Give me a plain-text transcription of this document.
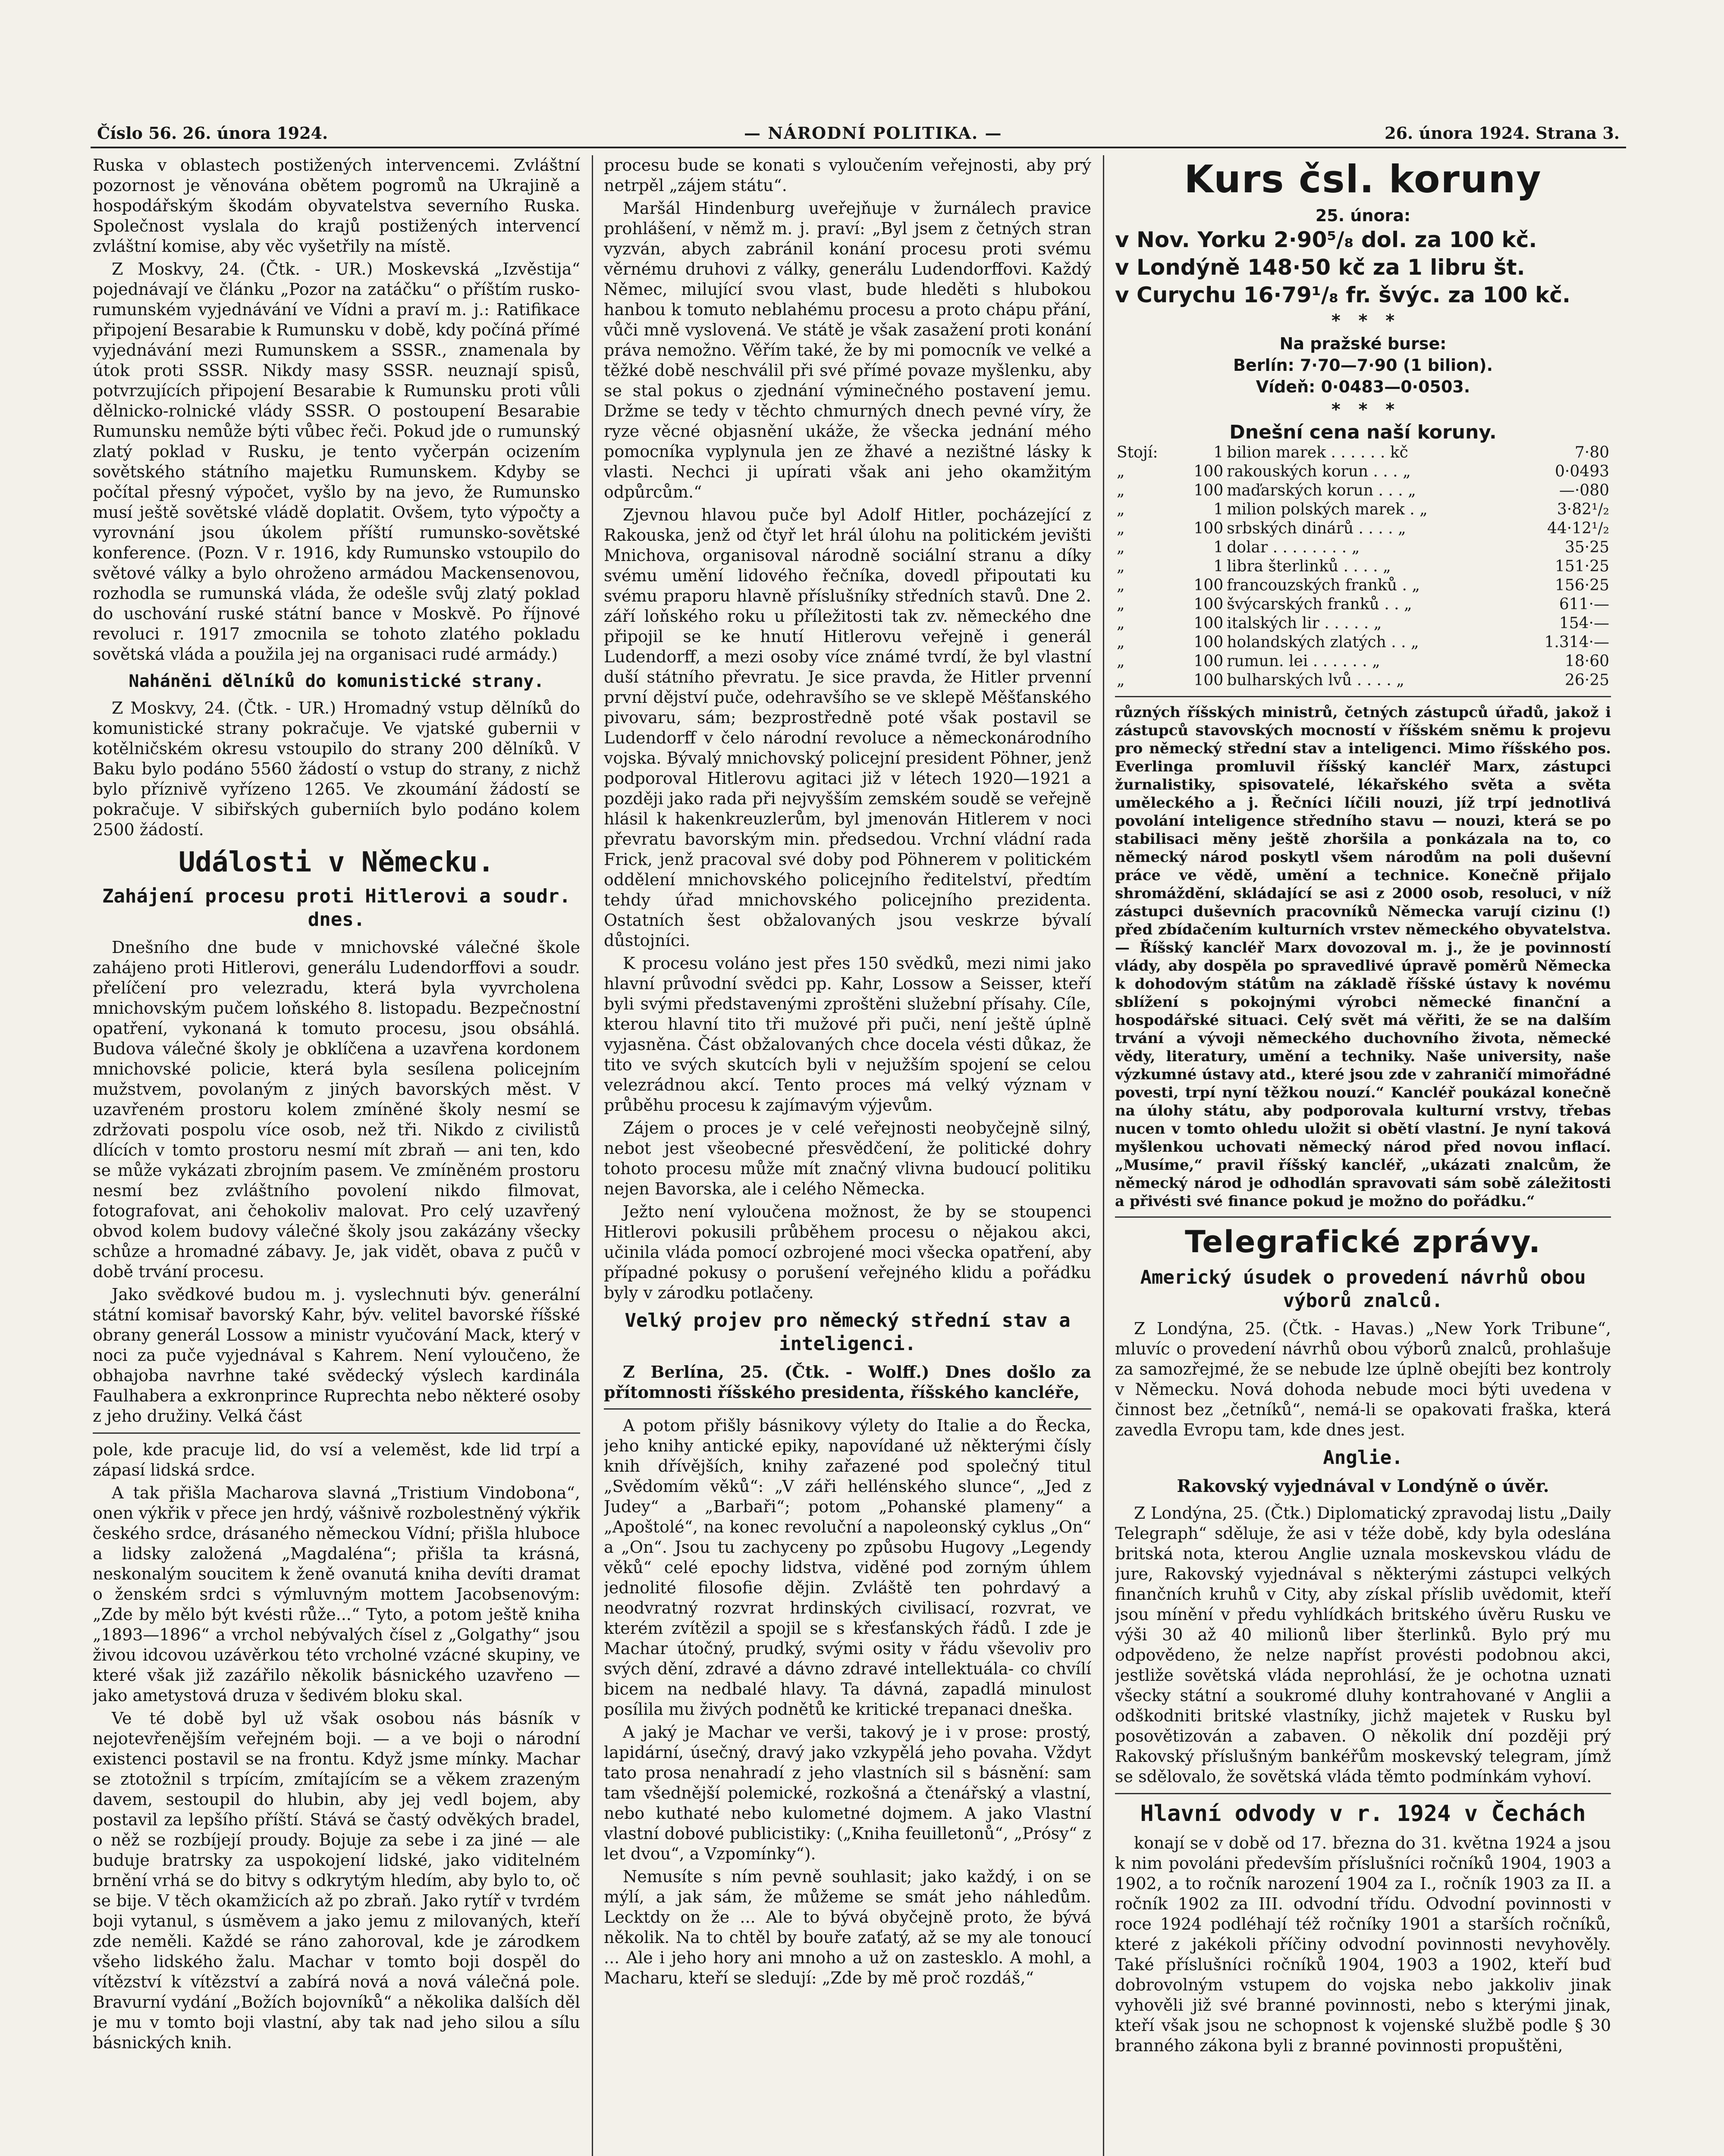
Číslo 56. 26. února 1924.	— NÁRODNÍ POLITIKA. —	26. února 1924. Strana 3.

Ruska v oblastech postižených intervencemi. Zvláštní pozornost je věnována obětem pogromů na Ukrajině a hospodářským škodám obyvatelstva severního Ruska. Společnost vyslala do krajů postižených intervencí zvláštní komise, aby věc vyšetřily na místě.

Z Moskvy, 24. (Čtk. - UR.) Moskevská „Izvěstija“ pojednávají ve článku „Pozor na zatáčku“ o příštím rusko-rumunském vyjednávání ve Vídni a praví m. j.: Ratifikace připojení Besarabie k Rumunsku v době, kdy počíná přímé vyjednávání mezi Rumunskem a SSSR., znamenala by útok proti SSSR. Nikdy masy SSSR. neuznají spisů, potvrzujících připojení Besarabie k Rumunsku proti vůli dělnicko-rolnické vlády SSSR. O postoupení Besarabie Rumunsku nemůže býti vůbec řeči. Pokud jde o rumunský zlatý poklad v Rusku, je tento vyčerpán ocizením sovětského státního majetku Rumunskem. Kdyby se počítal přesný výpočet, vyšlo by na jevo, že Rumunsko musí ještě sovětské vládě doplatit. Ovšem, tyto výpočty a vyrovnání jsou úkolem příští rumunsko-sovětské konference. (Pozn. V r. 1916, kdy Rumunsko vstoupilo do světové války a bylo ohroženo armádou Mackensenovou, rozhodla se rumunská vláda, že odešle svůj zlatý poklad do uschování ruské státní bance v Moskvě. Po říjnové revoluci r. 1917 zmocnila se tohoto zlatého pokladu sovětská vláda a použila jej na organisaci rudé armády.)

Naháněni dělníků do komunistické strany.

Z Moskvy, 24. (Čtk. - UR.) Hromadný vstup dělníků do komunistické strany pokračuje. Ve vjatské gubernii v kotělničském okresu vstoupilo do strany 200 dělníků. V Baku bylo podáno 5560 žádostí o vstup do strany, z nichž bylo příznivě vyřízeno 1265. Ve zkoumání žádostí se pokračuje. V sibiřských guberniích bylo podáno kolem 2500 žádostí.

Události v Německu.
Zahájení procesu proti Hitlerovi a soudr. dnes.

Dnešního dne bude v mnichovské válečné škole zahájeno proti Hitlerovi, generálu Ludendorffovi a soudr. přelíčení pro velezradu, která byla vyvrcholena mnichovským pučem loňského 8. listopadu. Bezpečnostní opatření, vykonaná k tomuto procesu, jsou obsáhlá. Budova válečné školy je obklíčena a uzavřena kordonem mnichovské policie, která byla sesílena policejním mužstvem, povolaným z jiných bavorských měst. V uzavřeném prostoru kolem zmíněné školy nesmí se zdržovati pospolu více osob, než tři. Nikdo z civilistů dlících v tomto prostoru nesmí mít zbraň — ani ten, kdo se může vykázati zbrojním pasem. Ve zmíněném prostoru nesmí bez zvláštního povolení nikdo filmovat, fotografovat, ani čehokoliv malovat. Pro celý uzavřený obvod kolem budovy válečné školy jsou zakázány všecky schůze a hromadné zábavy. Je, jak vidět, obava z pučů v době trvání procesu.

Jako svědkové budou m. j. vyslechnuti býv. generální státní komisař bavorský Kahr, býv. velitel bavorské říšské obrany generál Lossow a ministr vyučování Mack, který v noci za puče vyjednával s Kahrem. Není vyloučeno, že obhajoba navrhne také svědecký výslech kardinála Faulhabera a exkronprince Ruprechta nebo některé osoby z jeho družiny. Velká část

pole, kde pracuje lid, do vsí a veleměst, kde lid trpí a zápasí lidská srdce.

A tak přišla Macharova slavná „Tristium Vindobona“, onen výkřik v přece jen hrdý, vášnivě rozbolestněný výkřik českého srdce, drásaného německou Vídní; přišla hluboce a lidsky založená „Magdaléna“; přišla ta krásná, neskonalým soucitem k ženě ovanutá kniha devíti dramat o ženském srdci s výmluvným mottem Jacobsenovým: „Zde by mělo být kvésti růže...“ Tyto, a potom ještě kniha „1893—1896“ a vrchol nebývalých čísel z „Golgathy“ jsou živou idcovou uzávěrkou této vrcholné vzácné skupiny, ve které však již zazářilo několik básnického uzavřeno — jako ametystová druza v šedivém bloku skal.

Ve té době byl už však osobou nás básník v nejotevřenějším veřejném boji. — a ve boji o národní existenci postavil se na frontu. Když jsme mínky. Machar se ztotožnil s trpícím, zmítajícím se a věkem zrazeným davem, sestoupil do hlubin, aby jej vedl bojem, aby postavil za lepšího příští. Stává se častý odvěkých bradel, o něž se rozbíjejí proudy. Bojuje za sebe i za jiné — ale buduje bratrsky za uspokojení lidské, jako viditelném brnění vrhá se do bitvy s odkrytým hledím, aby bylo to, oč se bije. V těch okamžicích až po zbraň. Jako rytíř v tvrdém boji vytanul, s úsměvem a jako jemu z milovaných, kteří zde neměli. Každé se ráno zahoroval, kde je zárodkem všeho lidského žalu. Machar v tomto boji dospěl do vítězství k vítězství a zabírá nová a nová válečná pole. Bravurní vydání „Božích bojovníků“ a několika dalších děl je mu v tomto boji vlastní, aby tak nad jeho silou a sílu básnických knih.

procesu bude se konati s vyloučením veřejnosti, aby prý netrpěl „zájem státu“.

Maršál Hindenburg uveřejňuje v žurnálech pravice prohlášení, v němž m. j. praví: „Byl jsem z četných stran vyzván, abych zabránil konání procesu proti svému věrnému druhovi z války, generálu Ludendorffovi. Každý Němec, milující svou vlast, bude hleděti s hlubokou hanbou k tomuto neblahému procesu a proto chápu přání, vůči mně vyslovená. Ve státě je však zasažení proti konání práva nemožno. Věřím také, že by mi pomocník ve velké a těžké době neschválil při své přímé povaze myšlenku, aby se stal pokus o zjednání výminečného postavení jemu. Držme se tedy v těchto chmurných dnech pevné víry, že ryze věcné objasnění ukáže, že všecka jednání mého pomocníka vyplynula jen ze žhavé a nezištné lásky k vlasti. Nechci ji upírati však ani jeho okamžitým odpůrcům.“

Zjevnou hlavou puče byl Adolf Hitler, pocházející z Rakouska, jenž od čtyř let hrál úlohu na politickém jevišti Mnichova, organisoval národně sociální stranu a díky svému umění lidového řečníka, dovedl připoutati ku svému praporu hlavně příslušníky středních stavů. Dne 2. září loňského roku u příležitosti tak zv. německého dne připojil se ke hnutí Hitlerovu veřejně i generál Ludendorff, a mezi osoby více známé tvrdí, že byl vlastní duší státního převratu. Je sice pravda, že Hitler prvenní první dějství puče, odehravšího se ve sklepě Měšťanského pivovaru, sám; bezprostředně poté však postavil se Ludendorff v čelo národní revoluce a německonárodního vojska. Bývalý mnichovský policejní president Pöhner, jenž podporoval Hitlerovu agitaci již v létech 1920—1921 a později jako rada při nejvyšším zemském soudě se veřejně hlásil k hakenkreuzlerům, byl jmenován Hitlerem v noci převratu bavorským min. předsedou. Vrchní vládní rada Frick, jenž pracoval své doby pod Pöhnerem v politickém oddělení mnichovského policejního ředitelství, předtím tehdy úřad mnichovského policejního prezidenta. Ostatních šest obžalovaných jsou veskrze bývalí důstojníci.

K procesu voláno jest přes 150 svědků, mezi nimi jako hlavní průvodní svědci pp. Kahr, Lossow a Seisser, kteří byli svými představenými zproštěni služební přísahy. Cíle, kterou hlavní tito tři mužové při puči, není ještě úplně vyjasněna. Část obžalovaných chce docela vésti důkaz, že tito ve svých skutcích byli v nejužším spojení se celou velezrádnou akcí. Tento proces má velký význam v průběhu procesu k zajímavým výjevům.

Zájem o proces je v celé veřejnosti neobyčejně silný, nebot jest všeobecné přesvědčení, že politické dohry tohoto procesu může mít značný vlivna budoucí politiku nejen Bavorska, ale i celého Německa.

Ježto není vyloučena možnost, že by se stoupenci Hitlerovi pokusili průběhem procesu o nějakou akci, učinila vláda pomocí ozbrojené moci všecka opatření, aby případné pokusy o porušení veřejného klidu a pořádku byly v zárodku potlačeny.

Velký projev pro německý střední stav a inteligenci.

Z Berlína, 25. (Čtk. - Wolff.) Dnes došlo za přítomnosti říšského presidenta, říšského kancléře,

A potom přišly básnikovy výlety do Italie a do Řecka, jeho knihy antické epiky, napovídané už některými čísly knih dřívějších, knihy zařazené pod společný titul „Svědomím věků“: „V záři hellénského slunce“, „Jed z Judey“ a „Barbaři“; potom „Pohanské plameny“ a „Apoštolé“, na konec revoluční a napoleonský cyklus „On“ a „On“. Jsou tu zachyceny po způsobu Hugovy „Legendy věků“ celé epochy lidstva, viděné pod zorným úhlem jednolité filosofie dějin. Zvláště ten pohrdavý a neodvratný rozvrat hrdinských civilisací, rozvrat, ve kterém zvítězil a spojil se s křesťanských řádů. I zde je Machar útočný, prudký, svými osity v řádu vševoliv pro svých dění, zdravé a dávno zdravé intellektuála- co chvílí bicem na nedbalé hlavy. Ta dávná, zapadlá minulost posílila mu živých podnětů ke kritické trepanaci dneška.

A jaký je Machar ve verši, takový je i v prose: prostý, lapidární, úsečný, dravý jako vzkypělá jeho povaha. Vždyt tato prosa nenahradí z jeho vlastních sil s básnění: sam tam všednější polemické, rozkošná a čtenářský a vlastní, nebo kuthaté nebo kulometné dojmem. A jako Vlastní vlastní dobové publicistiky: („Kniha feuilletonů“, „Prósy“ z let dvou“, a Vzpomínky“).

Nemusíte s ním pevně souhlasit; jako každý, i on se mýlí, a jak sám, že můžeme se smát jeho náhledům. Lecktdy on že ... Ale to bývá obyčejně proto, že bývá několik. Na to chtěl by bouře zaťatý, až se my ale tonoucí ... Ale i jeho hory ani mnoho a už on zastesklo. A mohl, a Macharu, kteří se sledují: „Zde by mě proč rozdáš,“

Kurs čsl. koruny
25. února:
v Nov. Yorku 2·90⁵/₈ dol. za 100 kč.
v Londýně 148·50 kč za 1 libru št.
v Curychu 16·79¹/₈ fr. švýc. za 100 kč.
*   *   *
Na pražské burse:
Berlín: 7·70—7·90 (1 bilion).
Vídeň: 0·0483—0·0503.
*   *   *
Dnešní cena naší koruny.
Stojí:	1	bilion marek . . . . . . kč	7·80
„	100	rakouských korun . . . „	0·0493
„	100	maďarských korun . . . „	—·080
„	1	milion polských marek . „	3·82¹/₂
„	100	srbských dinárů . . . . „	44·12¹/₂
„	1	dolar . . . . . . . . „	35·25
„	1	libra šterlinků . . . . „	151·25
„	100	francouzských franků . „	156·25
„	100	švýcarských franků . . „	611·—
„	100	italských lir . . . . . „	154·—
„	100	holandských zlatých . . „	1.314·—
„	100	rumun. lei . . . . . . „	18·60
„	100	bulharských lvů . . . . „	26·25

různých říšských ministrů, četných zástupců úřadů, jakož i zástupců stavovských mocností v říšském sněmu k projevu pro německý střední stav a inteligenci. Mimo říšského pos. Everlinga promluvil říšský kancléř Marx, zástupci žurnalistiky, spisovatelé, lékařského světa a světa uměleckého a j. Řečníci líčili nouzi, jíž trpí jednotlivá povolání inteligence středního stavu — nouzi, která se po stabilisaci měny ještě zhoršila a ponkázala na to, co německý národ poskytl všem národům na poli duševní práce ve vědě, umění a technice. Konečně přijalo shromáždění, skládající se asi z 2000 osob, resoluci, v níž zástupci duševních pracovníků Německa varují cizinu (!) před zbídačením kulturních vrstev německého obyvatelstva. — Říšský kancléř Marx dovozoval m. j., že je povinností vlády, aby dospěla po spravedlivé úpravě poměrů Německa k dohodovým státům na základě říšské ústavy k novému sblížení s pokojnými výrobci německé finanční a hospodářské situaci. Celý svět má věřiti, že se na dalším trvání a vývoji německého duchovního života, německé vědy, literatury, umění a techniky. Naše university, naše výzkumné ústavy atd., které jsou zde v zahraničí mimořádné povesti, trpí nyní těžkou nouzí.“ Kancléř poukázal konečně na úlohy státu, aby podporovala kulturní vrstvy, třebas nucen v tomto ohledu uložit si obětí vlastní. Je nyní taková myšlenkou uchovati německý národ před novou inflací. „Musíme,“ pravil říšský kancléř, „ukázati znalcům, že německý národ je odhodlán spravovati sám sobě záležitosti a přivésti své finance pokud je možno do pořádku.“

Telegrafické zprávy.
Americký úsudek o provedení návrhů obou výborů znalců.

Z Londýna, 25. (Čtk. - Havas.) „New York Tribune“, mluvíc o provedení návrhů obou výborů znalců, prohlašuje za samozřejmé, že se nebude lze úplně obejíti bez kontroly v Německu. Nová dohoda nebude moci býti uvedena v činnost bez „četníků“, nemá-li se opakovati fraška, která zavedla Evropu tam, kde dnes jest.

Anglie.
Rakovský vyjednával v Londýně o úvěr.

Z Londýna, 25. (Čtk.) Diplomatický zpravodaj listu „Daily Telegraph“ sděluje, že asi v téže době, kdy byla odeslána britská nota, kterou Anglie uznala moskevskou vládu de jure, Rakovský vyjednával s některými zástupci velkých finančních kruhů v City, aby získal příslib uvědomit, kteří jsou mínění v předu vyhlídkách britského úvěru Rusku ve výši 30 až 40 milionů liber šterlinků. Bylo prý mu odpovědeno, že nelze napříst provésti podobnou akci, jestliže sovětská vláda neprohlásí, že je ochotna uznati všecky státní a soukromé dluhy kontrahované v Anglii a odškodniti britské vlastníky, jichž majetek v Rusku byl posovětizován a zabaven. O několik dní později prý Rakovský příslušným bankéřům moskevský telegram, jímž se sdělovalo, že sovětská vláda těmto podmínkám vyhoví.

Hlavní odvody v r. 1924 v Čechách

konají se v době od 17. března do 31. května 1924 a jsou k nim povoláni především příslušníci ročníků 1904, 1903 a 1902, a to ročník narození 1904 za I., ročník 1903 za II. a ročník 1902 za III. odvodní třídu. Odvodní povinnosti v roce 1924 podléhají též ročníky 1901 a starších ročníků, které z jakékoli příčiny odvodní povinnosti nevyhověly. Také příslušníci ročníků 1904, 1903 a 1902, kteří buď dobrovolným vstupem do vojska nebo jakkoliv jinak vyhověli již své branné povinnosti, nebo s kterými jinak, kteří však jsou ne schopnost k vojenské službě podle § 30 branného zákona byli z branné povinnosti propuštěni,
